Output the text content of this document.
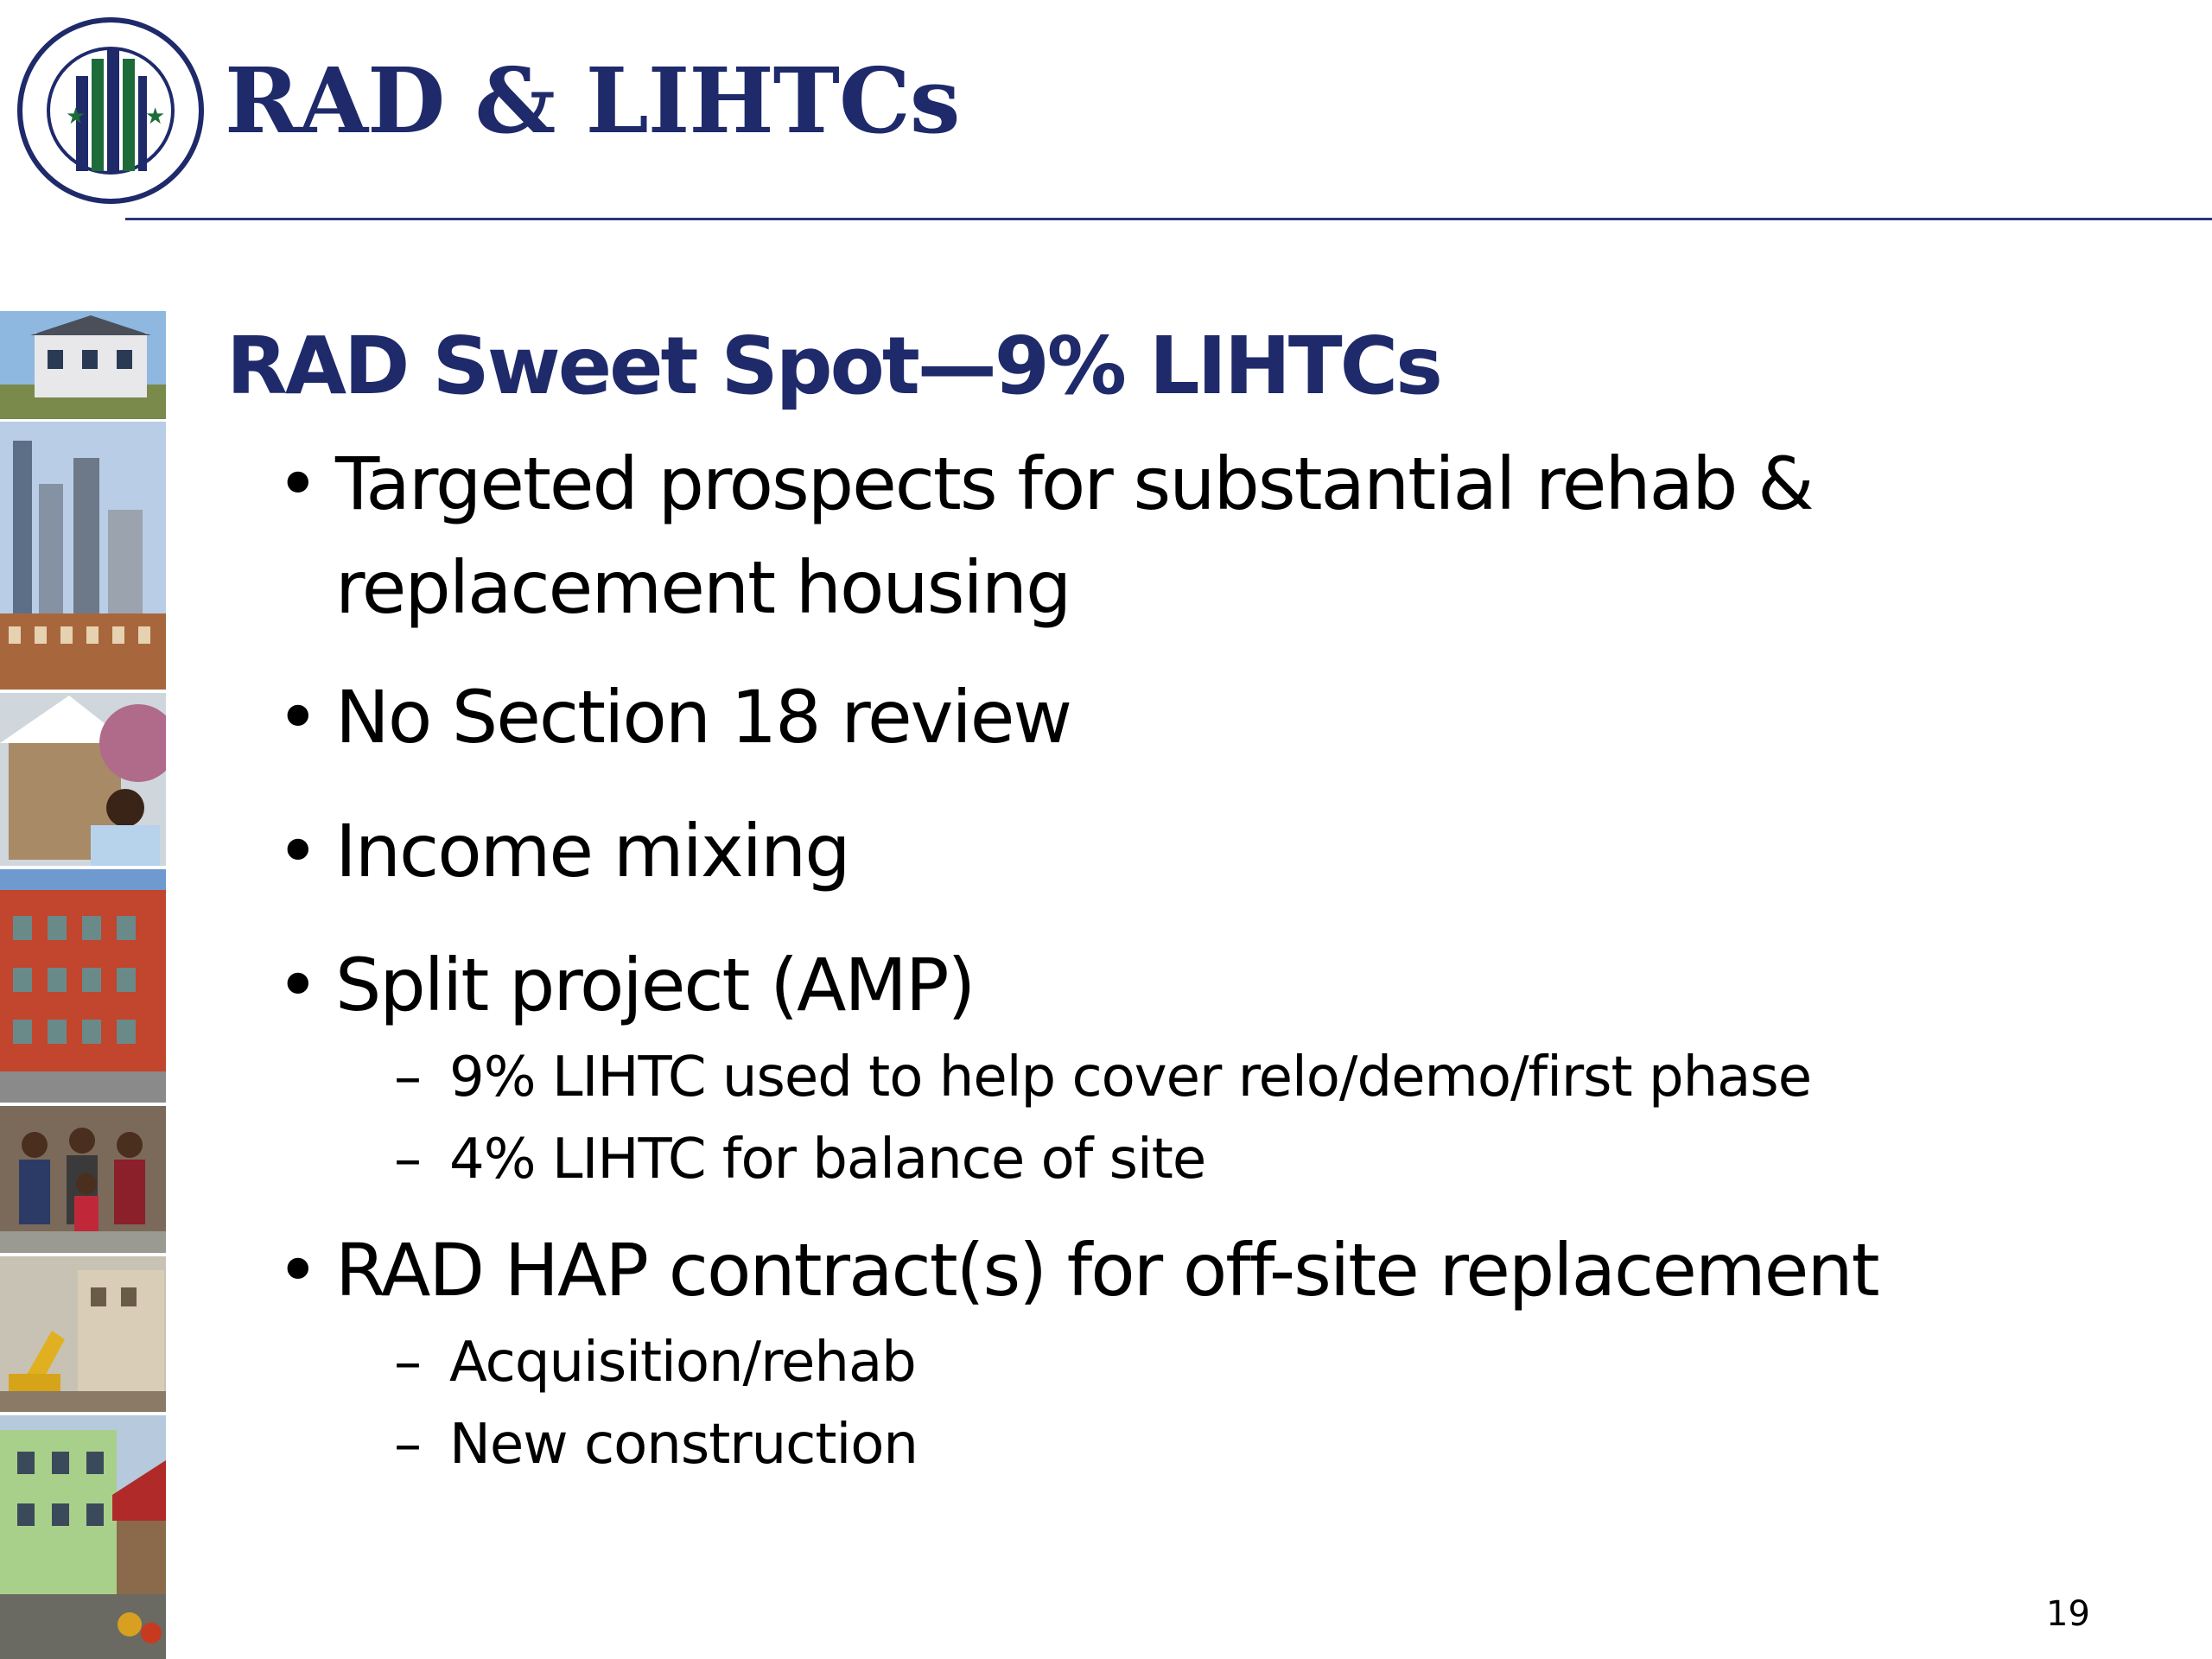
★	★ RAD & LIHTCs
RAD Sweet Spot—9% LIHTCs
• Targeted prospects for substantial rehab & replacement housing
• No Section 18 review
• Income mixing
• Split project (AMP)
– 9% LIHTC used to help cover relo/demo/first phase
– 4% LIHTC for balance of site
• RAD HAP contract(s) for off-site replacement
– Acquisition/rehab
– New construction
19
